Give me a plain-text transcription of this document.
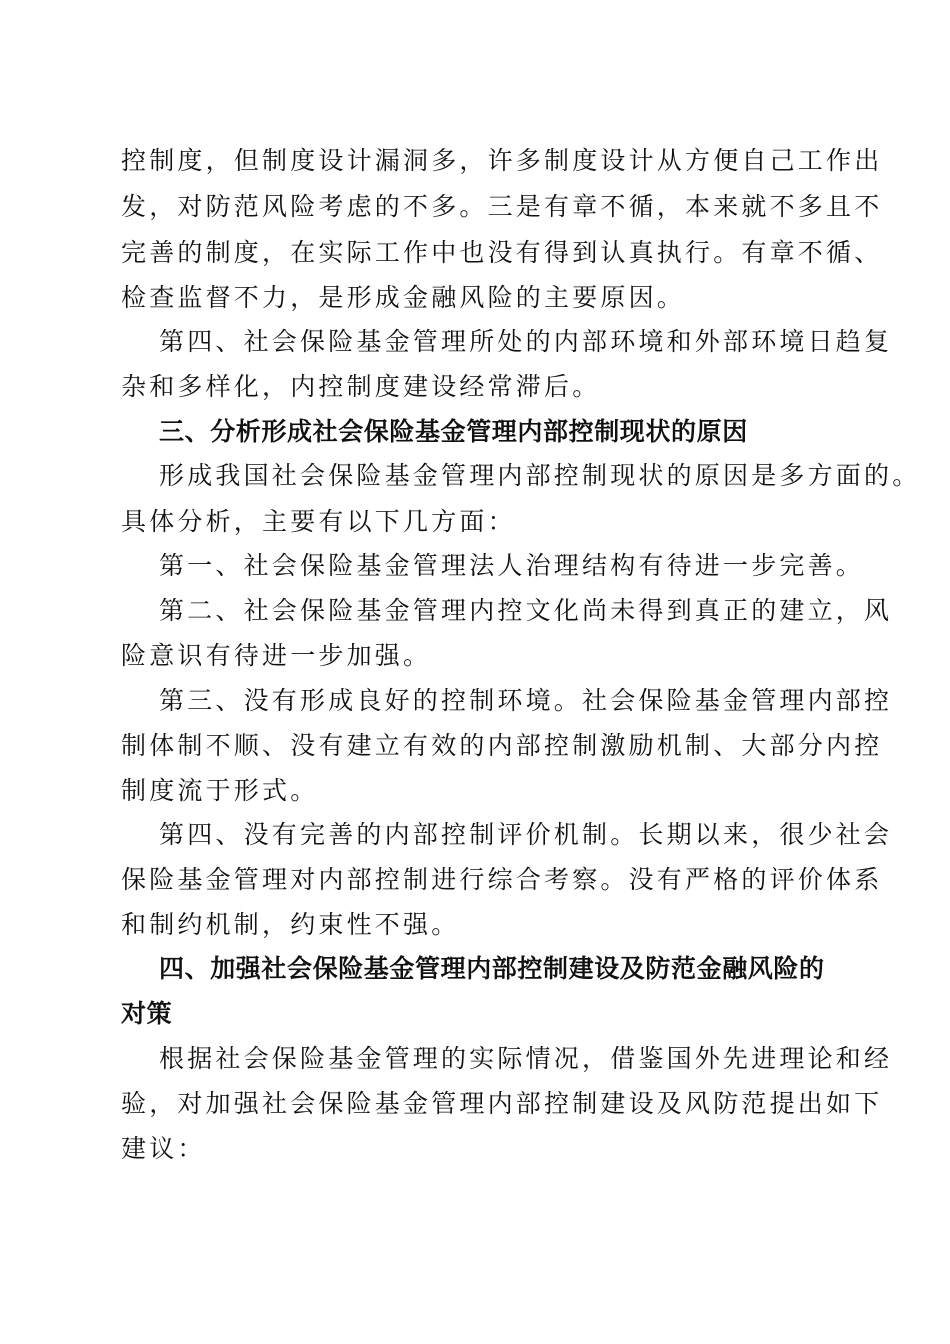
控制度，但制度设计漏洞多，许多制度设计从方便自己工作出
发，对防范风险考虑的不多。三是有章不循，本来就不多且不
完善的制度，在实际工作中也没有得到认真执行。有章不循、
检查监督不力，是形成金融风险的主要原因。
第四、社会保险基金管理所处的内部环境和外部环境日趋复
杂和多样化，内控制度建设经常滞后。
三、分析形成社会保险基金管理内部控制现状的原因
形成我国社会保险基金管理内部控制现状的原因是多方面的。
具体分析，主要有以下几方面：
第一、社会保险基金管理法人治理结构有待进一步完善。
第二、社会保险基金管理内控文化尚未得到真正的建立，风
险意识有待进一步加强。
第三、没有形成良好的控制环境。社会保险基金管理内部控
制体制不顺、没有建立有效的内部控制激励机制、大部分内控
制度流于形式。
第四、没有完善的内部控制评价机制。长期以来，很少社会
保险基金管理对内部控制进行综合考察。没有严格的评价体系
和制约机制，约束性不强。
四、加强社会保险基金管理内部控制建设及防范金融风险的
对策
根据社会保险基金管理的实际情况，借鉴国外先进理论和经
验，对加强社会保险基金管理内部控制建设及风防范提出如下
建议：
